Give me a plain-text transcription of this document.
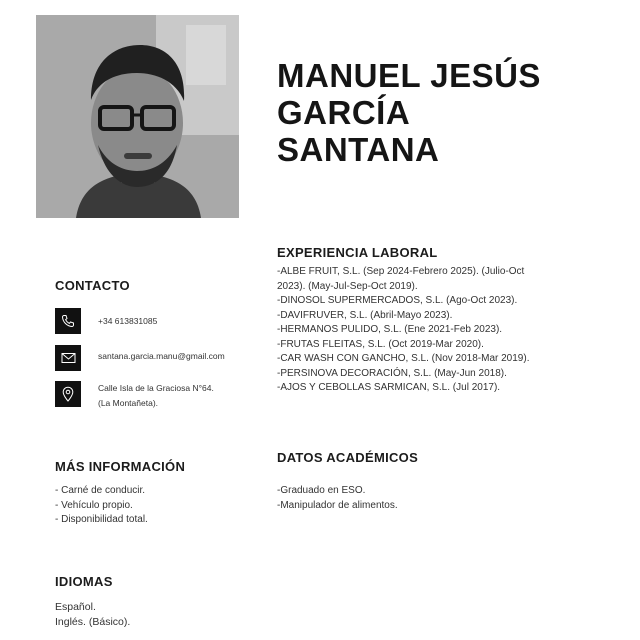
MANUEL JESÚS
GARCÍA
SANTANA
CONTACTO
+34 613831085
santana.garcia.manu@gmail.com
Calle Isla de la Graciosa N°64.
(La Montañeta).
MÁS INFORMACIÓN
- Carné de conducir.
- Vehículo propio.
- Disponibilidad total.
IDIOMAS
Español.
Inglés. (Básico).
EXPERIENCIA LABORAL
-ALBE FRUIT, S.L. (Sep 2024-Febrero 2025). (Julio-Oct 2023). (May-Jul-Sep-Oct 2019).
-DINOSOL SUPERMERCADOS, S.L. (Ago-Oct 2023).
-DAVIFRUVER, S.L. (Abril-Mayo 2023).
-HERMANOS PULIDO, S.L. (Ene 2021-Feb 2023).
-FRUTAS FLEITAS, S.L. (Oct 2019-Mar 2020).
-CAR WASH CON GANCHO, S.L. (Nov 2018-Mar 2019).
-PERSINOVA DECORACIÓN, S.L. (May-Jun 2018).
-AJOS Y CEBOLLAS SARMICAN, S.L. (Jul 2017).
DATOS ACADÉMICOS
-Graduado en ESO.
-Manipulador de alimentos.
